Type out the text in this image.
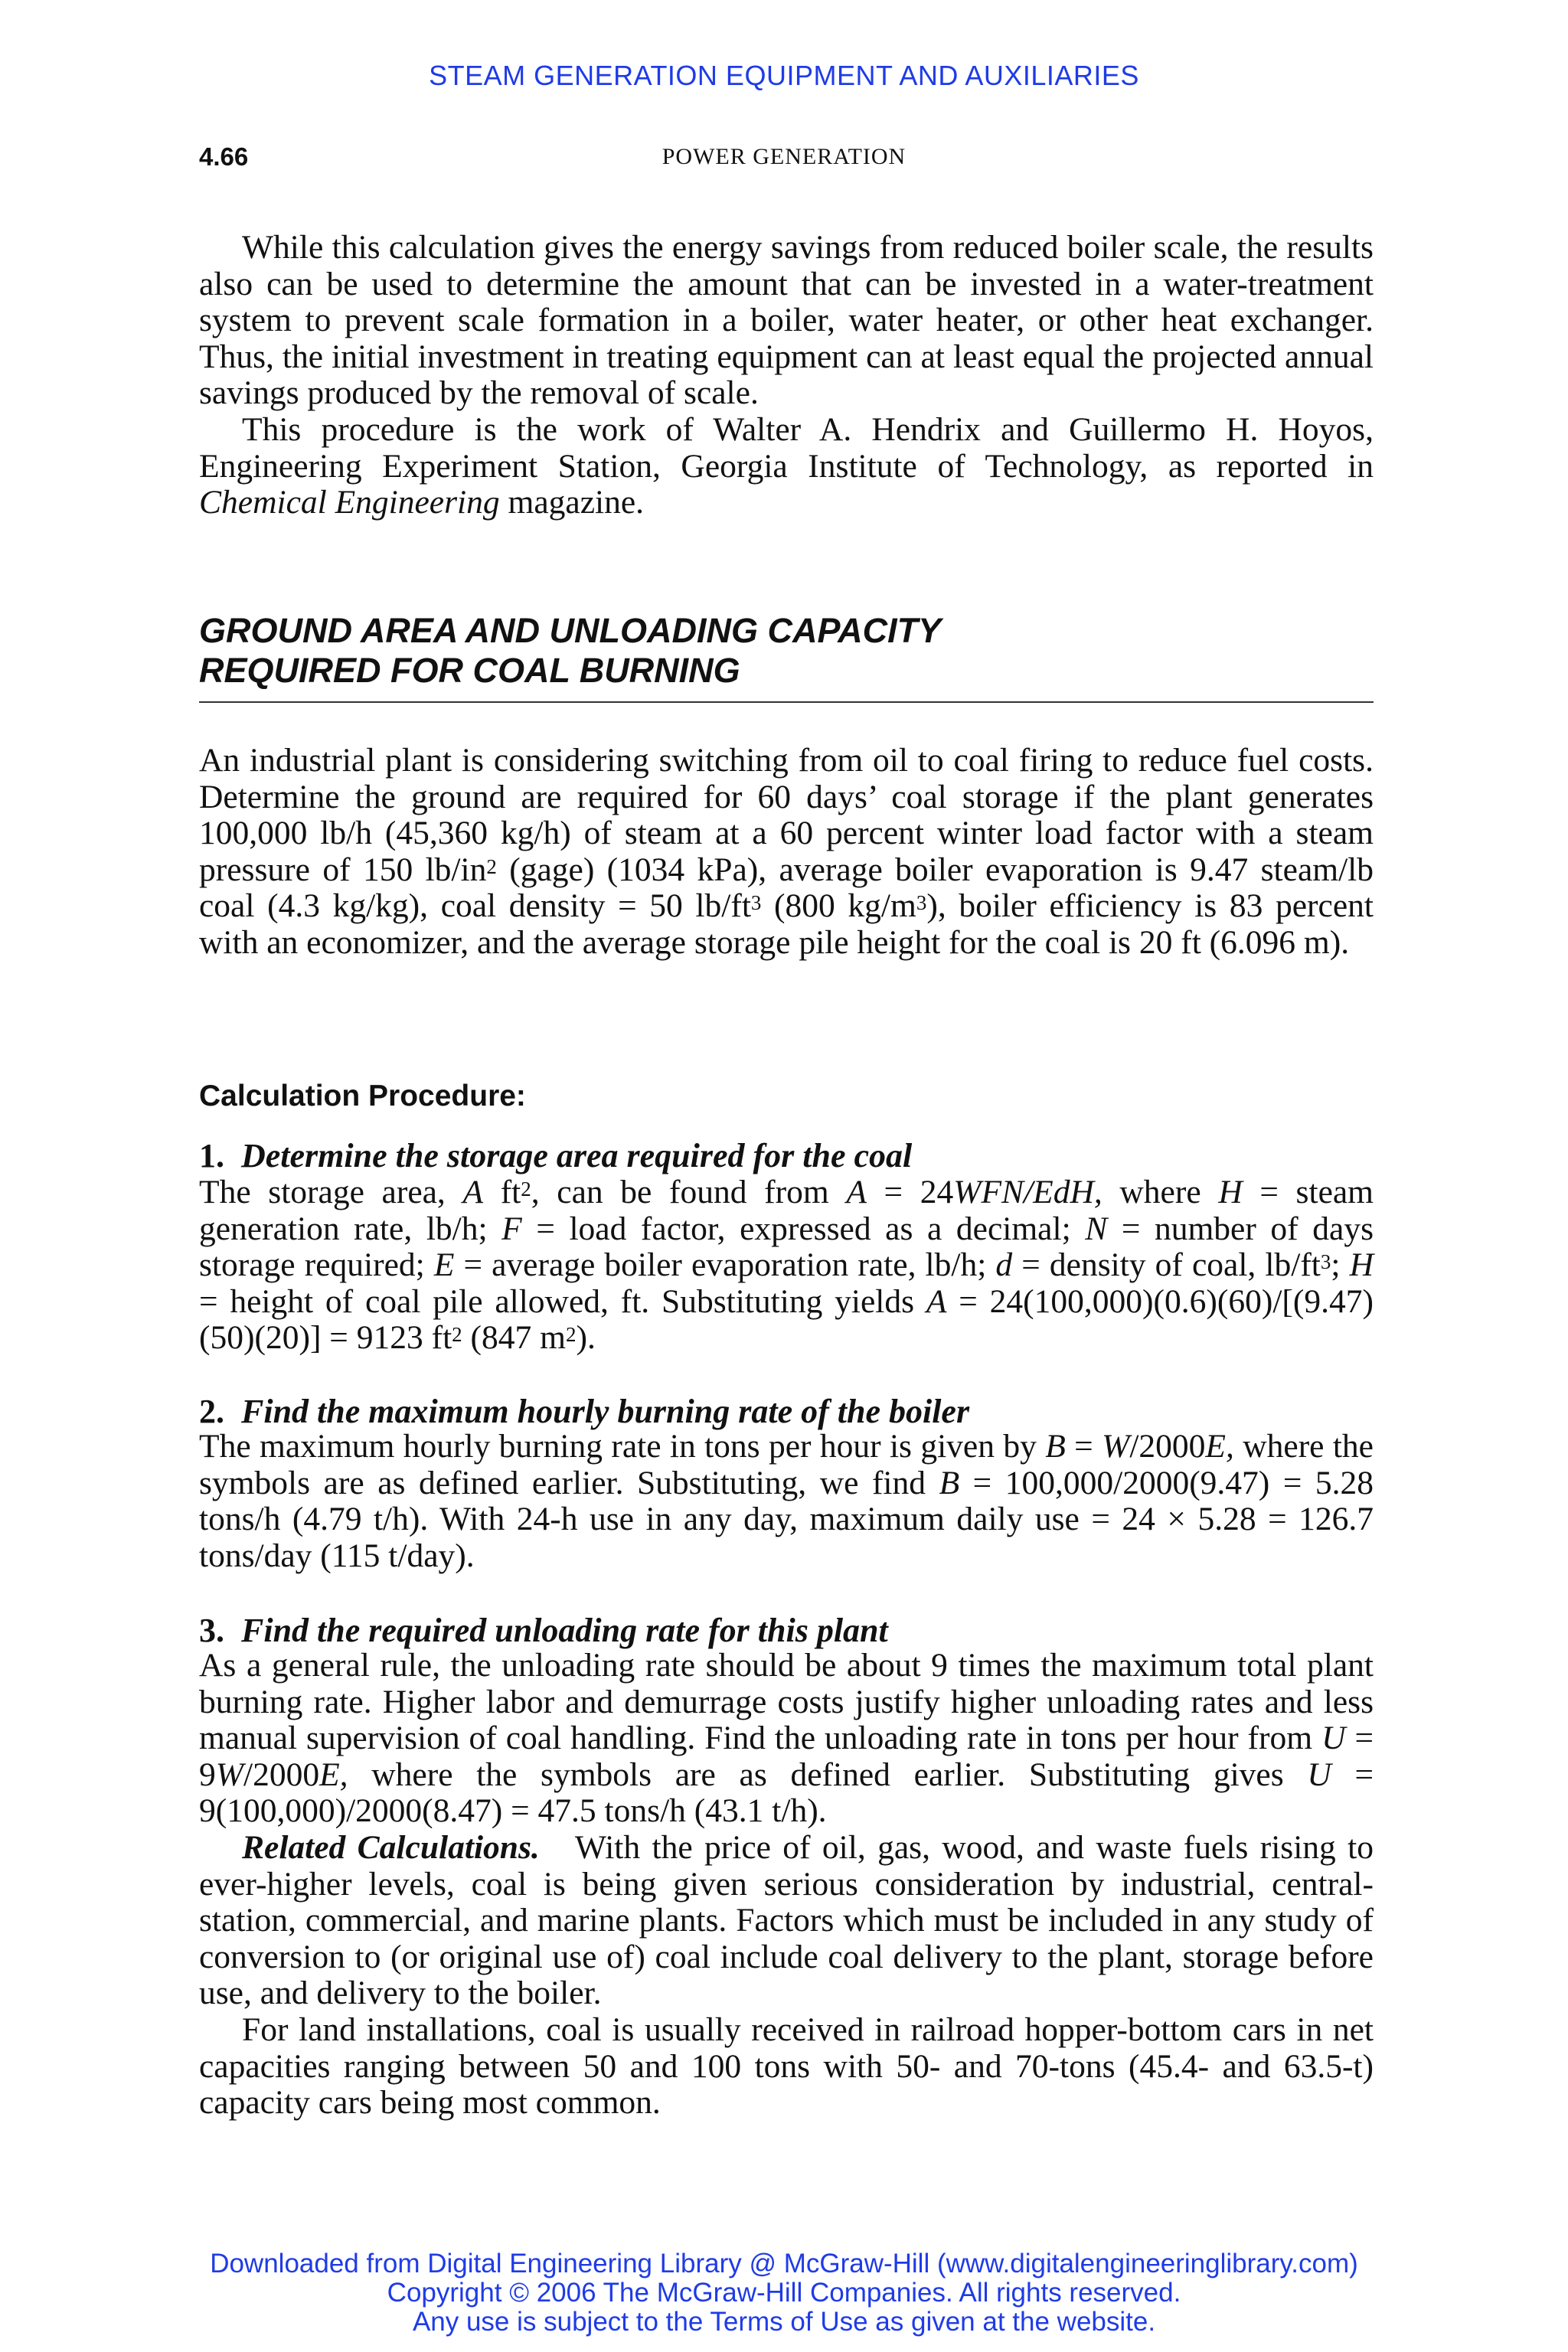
STEAM GENERATION EQUIPMENT AND AUXILIARIES
4.66	POWER GENERATION

While this calculation gives the energy savings from reduced boiler scale, the results also can be used to determine the amount that can be invested in a water-treatment system to prevent scale formation in a boiler, water heater, or other heat exchanger. Thus, the initial investment in treating equipment can at least equal the projected annual savings produced by the removal of scale.

This procedure is the work of Walter A. Hendrix and Guillermo H. Hoyos, Engineering Experiment Station, Georgia Institute of Technology, as reported in Chemical Engineering magazine.

GROUND AREA AND UNLOADING CAPACITY
REQUIRED FOR COAL BURNING

An industrial plant is considering switching from oil to coal firing to reduce fuel costs. Determine the ground are required for 60 days’ coal storage if the plant generates 100,000 lb/h (45,360 kg/h) of steam at a 60 percent winter load factor with a steam pressure of 150 $lb/in^2$ (gage) (1034 kPa), average boiler evaporation is 9.47 steam/lb coal (4.3 kg/kg), coal density = 50 $lb/ft^3$ (800 $kg/m^3$), boiler efficiency is 83 percent with an economizer, and the average storage pile height for the coal is 20 ft (6.096 m).

Calculation Procedure:
1. Determine the storage area required for the coal

The storage area, A $ft^2$, can be found from A = 24WFN/EdH, where H = steam generation rate, lb/h; F = load factor, expressed as a decimal; N = number of days storage required; E = average boiler evaporation rate, lb/h; d = density of coal, $lb/ft^3$; H = height of coal pile allowed, ft. Substituting yields A = 24(100,000)(0.6)(60)/[(9.47)(50)(20)] = 9123 $ft^2$ (847 $m^2$).

2. Find the maximum hourly burning rate of the boiler

The maximum hourly burning rate in tons per hour is given by B = W/2000E, where the symbols are as defined earlier. Substituting, we find B = 100,000/2000(9.47) = 5.28 tons/h (4.79 t/h). With 24-h use in any day, maximum daily use = 24 × 5.28 = 126.7 tons/day (115 t/day).

3. Find the required unloading rate for this plant

As a general rule, the unloading rate should be about 9 times the maximum total plant burning rate. Higher labor and demurrage costs justify higher unloading rates and less manual supervision of coal handling. Find the unloading rate in tons per hour from U = 9W/2000E, where the symbols are as defined earlier. Substituting gives U = 9(100,000)/2000(8.47) = 47.5 tons/h (43.1 t/h).

Related Calculations. With the price of oil, gas, wood, and waste fuels rising to ever-higher levels, coal is being given serious consideration by industrial, central-station, commercial, and marine plants. Factors which must be included in any study of conversion to (or original use of) coal include coal delivery to the plant, storage before use, and delivery to the boiler.

For land installations, coal is usually received in railroad hopper-bottom cars in net capacities ranging between 50 and 100 tons with 50- and 70-tons (45.4- and 63.5-t) capacity cars being most common.

Downloaded from Digital Engineering Library @ McGraw-Hill (www.digitalengineeringlibrary.com)
Copyright © 2006 The McGraw-Hill Companies. All rights reserved.
Any use is subject to the Terms of Use as given at the website.
